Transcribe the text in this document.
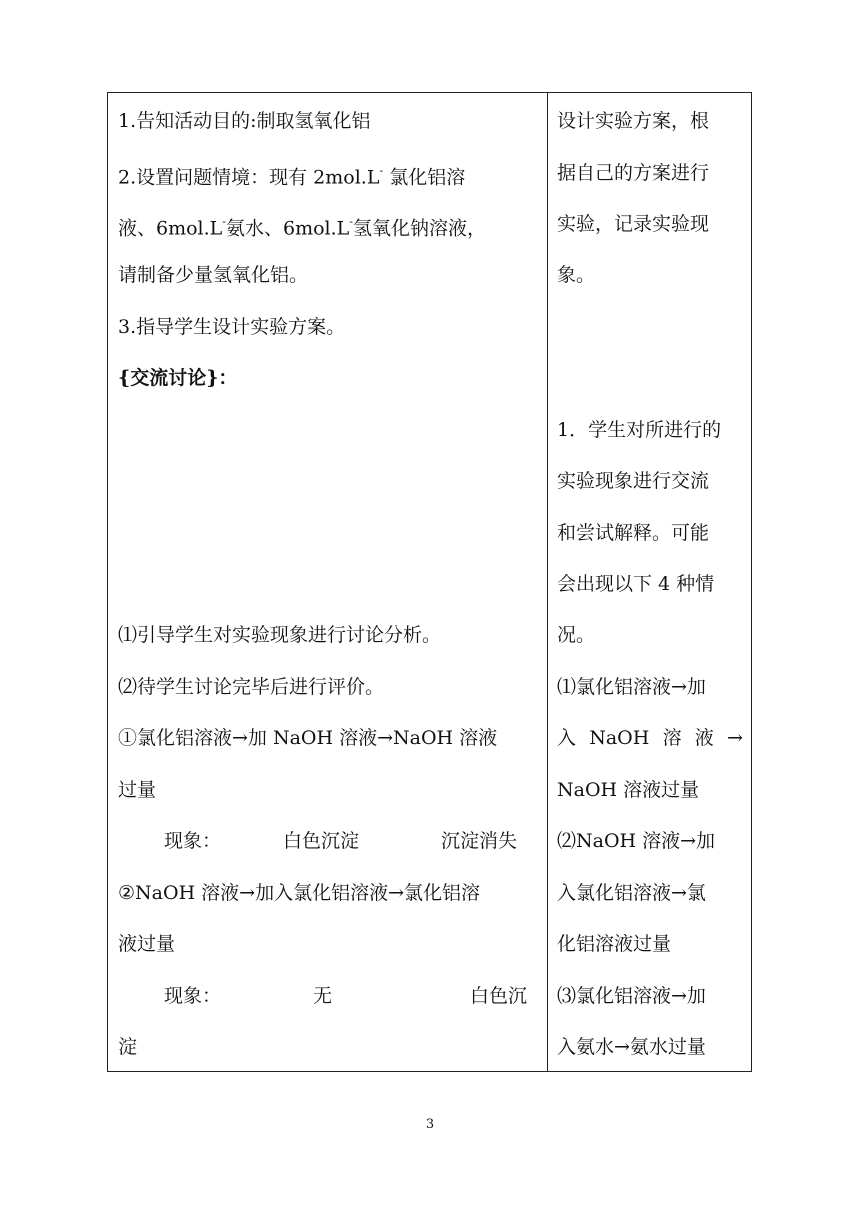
1.告知活动目的:制取氢氧化铝
2.设置问题情境：现有 2mol.L- 氯化铝溶
液、6mol.L-氨水、6mol.L-氢氧化钠溶液，
请制备少量氢氧化铝。
3.指导学生设计实验方案。
{交流讨论}：
⑴引导学生对实验现象进行讨论分析。
⑵待学生讨论完毕后进行评价。
①氯化铝溶液→加 NaOH 溶液→NaOH 溶液
过量
现象：	白色沉淀	沉淀消失
②NaOH 溶液→加入氯化铝溶液→氯化铝溶
液过量
现象：	无	白色沉
淀
设计实验方案，根
据自己的方案进行
实验，记录实验现
象。
1．学生对所进行的
实验现象进行交流
和尝试解释。可能
会出现以下 4 种情
况。
⑴氯化铝溶液→加
入 NaOH 溶 液 →
NaOH 溶液过量
⑵NaOH 溶液→加
入氯化铝溶液→氯
化铝溶液过量
⑶氯化铝溶液→加
入氨水→氨水过量
3
